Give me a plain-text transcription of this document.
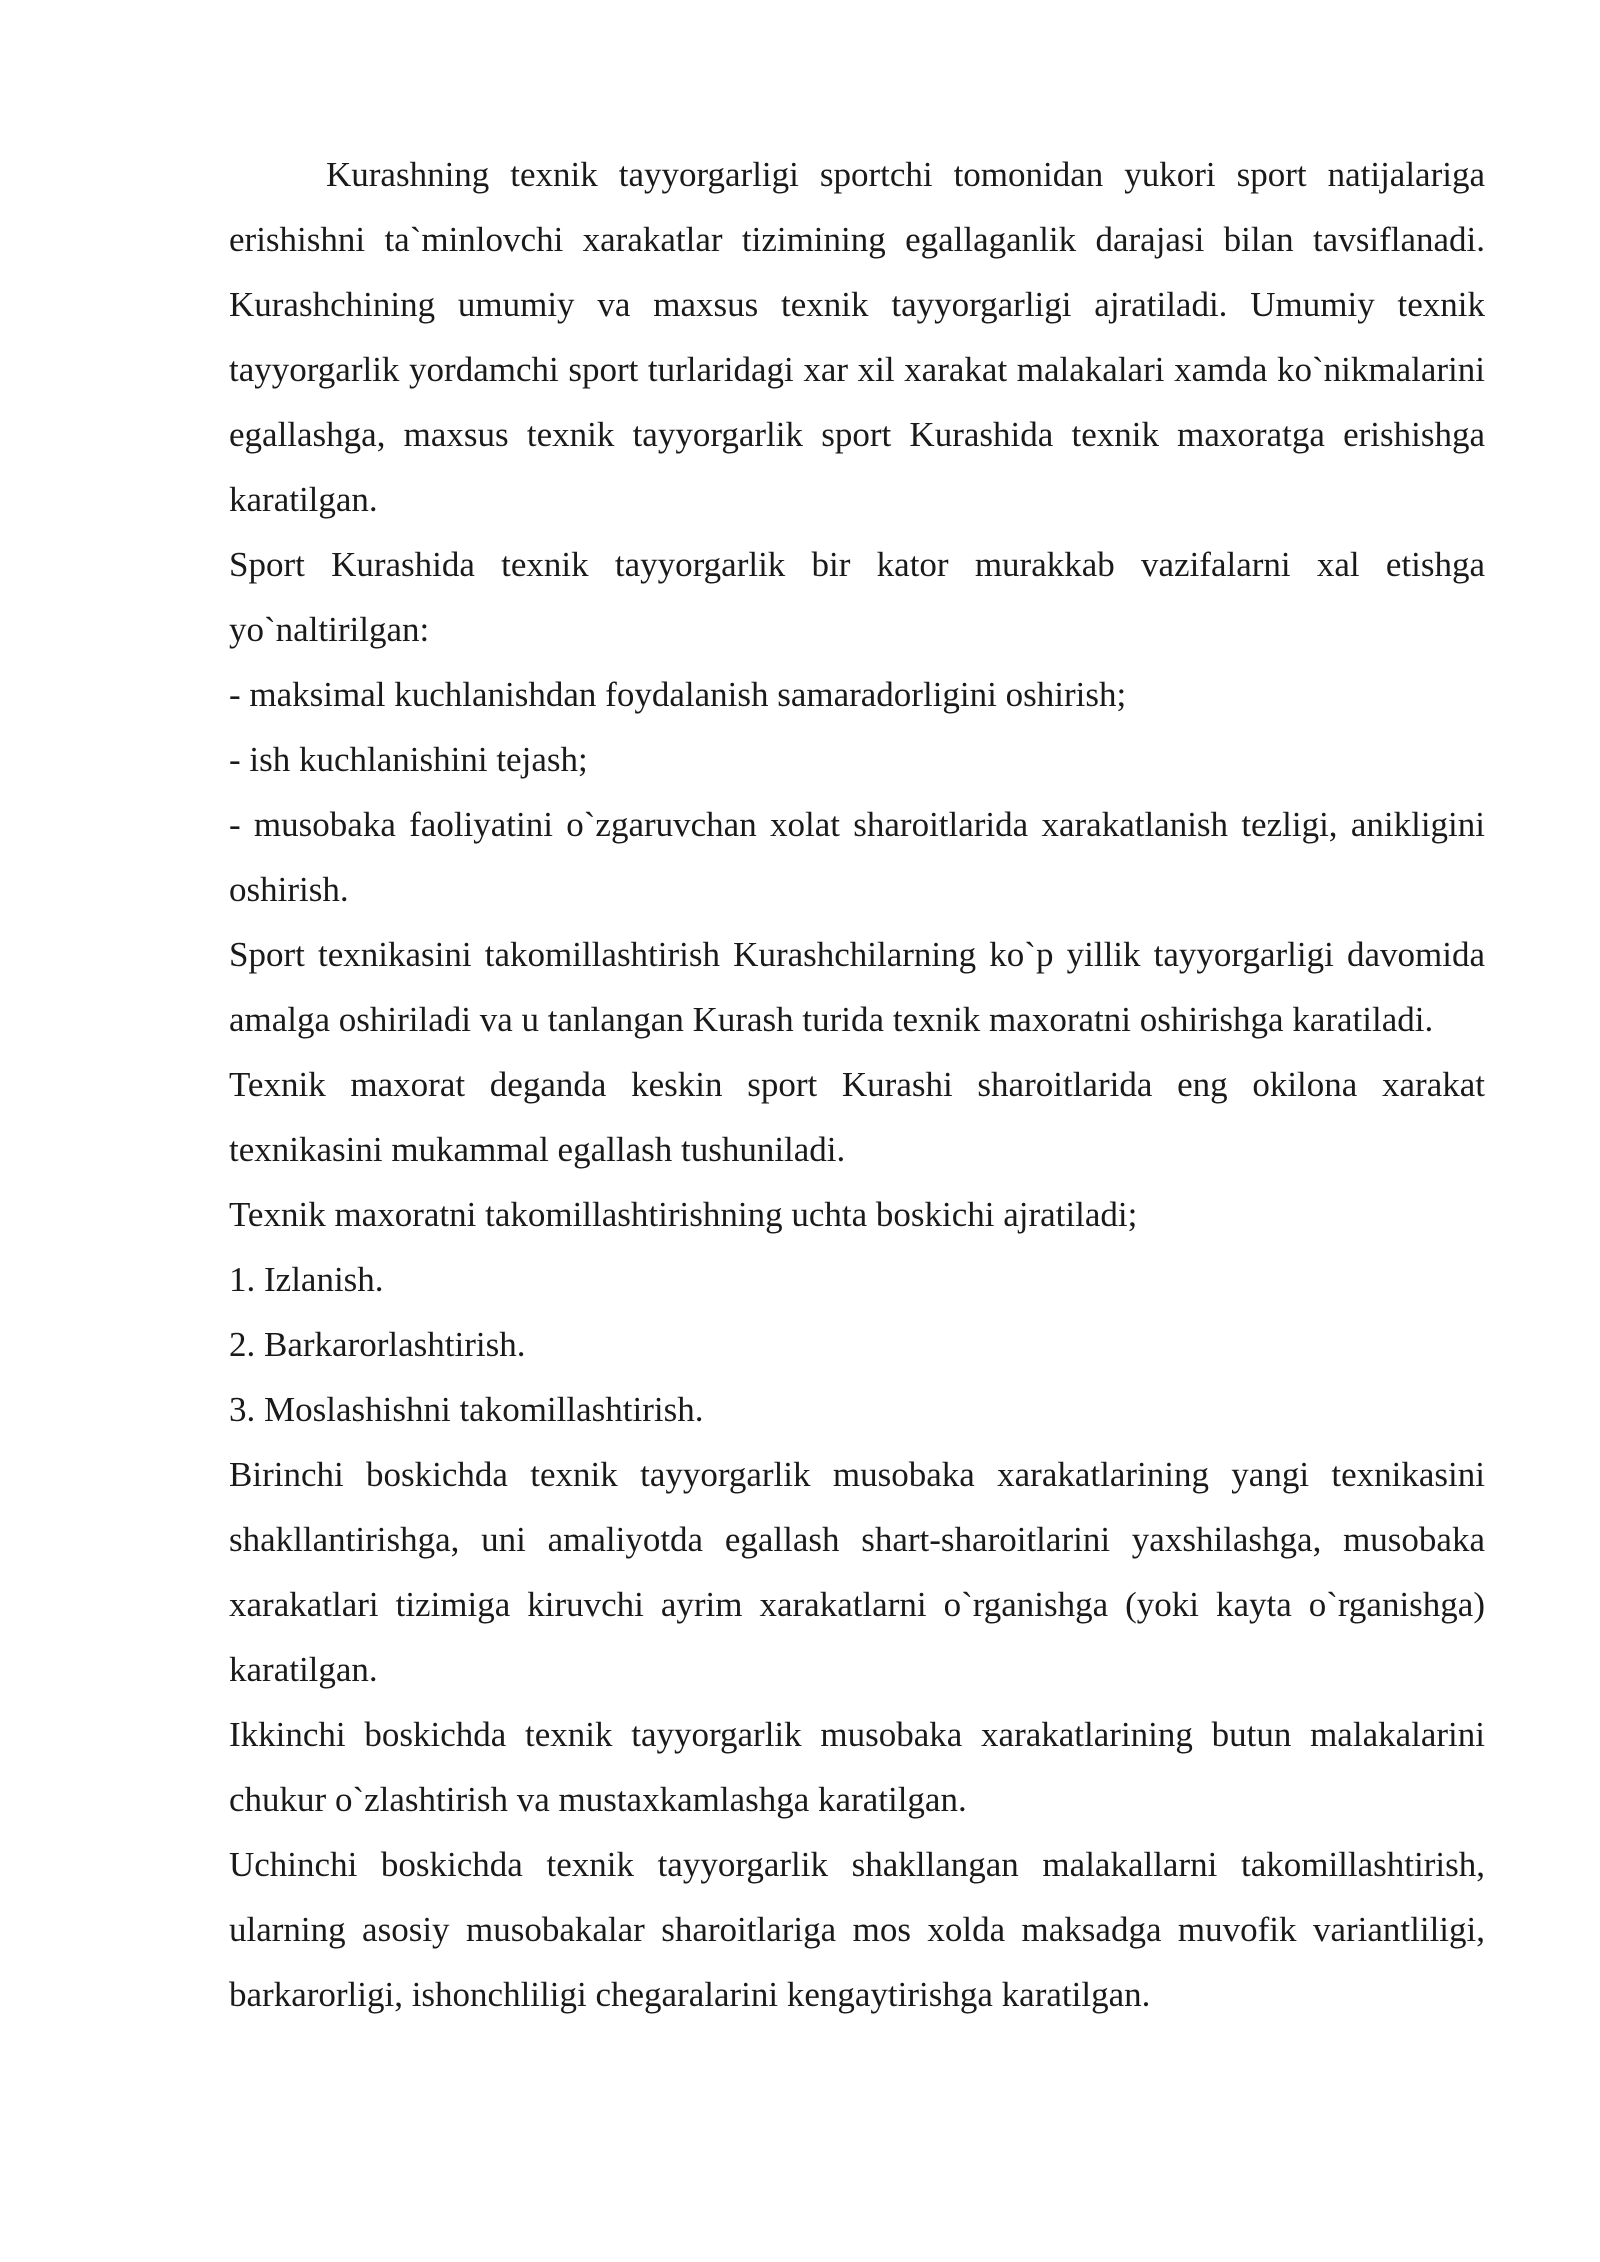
Kurashning texnik tayyorgarligi sportchi tomonidan yukori sport natijalariga erishishni ta`minlovchi xarakatlar tizimining egallaganlik darajasi bilan tavsiflanadi. Kurashchining umumiy va maxsus texnik tayyorgarligi ajratiladi. Umumiy texnik tayyorgarlik yordamchi sport turlaridagi xar xil xarakat malakalari xamda ko`nikmalarini egallashga, maxsus texnik tayyorgarlik sport Kurashida texnik maxoratga erishishga karatilgan.

Sport Kurashida texnik tayyorgarlik bir kator murakkab vazifalarni xal etishga yo`naltirilgan:

- maksimal kuchlanishdan foydalanish samaradorligini oshirish;

- ish kuchlanishini tejash;

- musobaka faoliyatini o`zgaruvchan xolat sharoitlarida xarakatlanish tezligi, anikligini oshirish.

Sport texnikasini takomillashtirish Kurashchilarning ko`p yillik tayyorgarligi davomida amalga oshiriladi va u tanlangan Kurash turida texnik maxoratni oshirishga karatiladi.

Texnik maxorat deganda keskin sport Kurashi sharoitlarida eng okilona xarakat texnikasini mukammal egallash tushuniladi.

Texnik maxoratni takomillashtirishning uchta boskichi ajratiladi;

1. Izlanish.

2. Barkarorlashtirish.

3. Moslashishni takomillashtirish.

Birinchi boskichda texnik tayyorgarlik musobaka xarakatlarining yangi texnikasini shakllantirishga, uni amaliyotda egallash shart-sharoitlarini yaxshilashga, musobaka xarakatlari tizimiga kiruvchi ayrim xarakatlarni o`rganishga (yoki kayta o`rganishga) karatilgan.

Ikkinchi boskichda texnik tayyorgarlik musobaka xarakatlarining butun malakalarini chukur o`zlashtirish va mustaxkamlashga karatilgan.

Uchinchi boskichda texnik tayyorgarlik shakllangan malakallarni takomillashtirish, ularning asosiy musobakalar sharoitlariga mos xolda maksadga muvofik variantliligi, barkarorligi, ishonchliligi chegaralarini kengaytirishga karatilgan.
